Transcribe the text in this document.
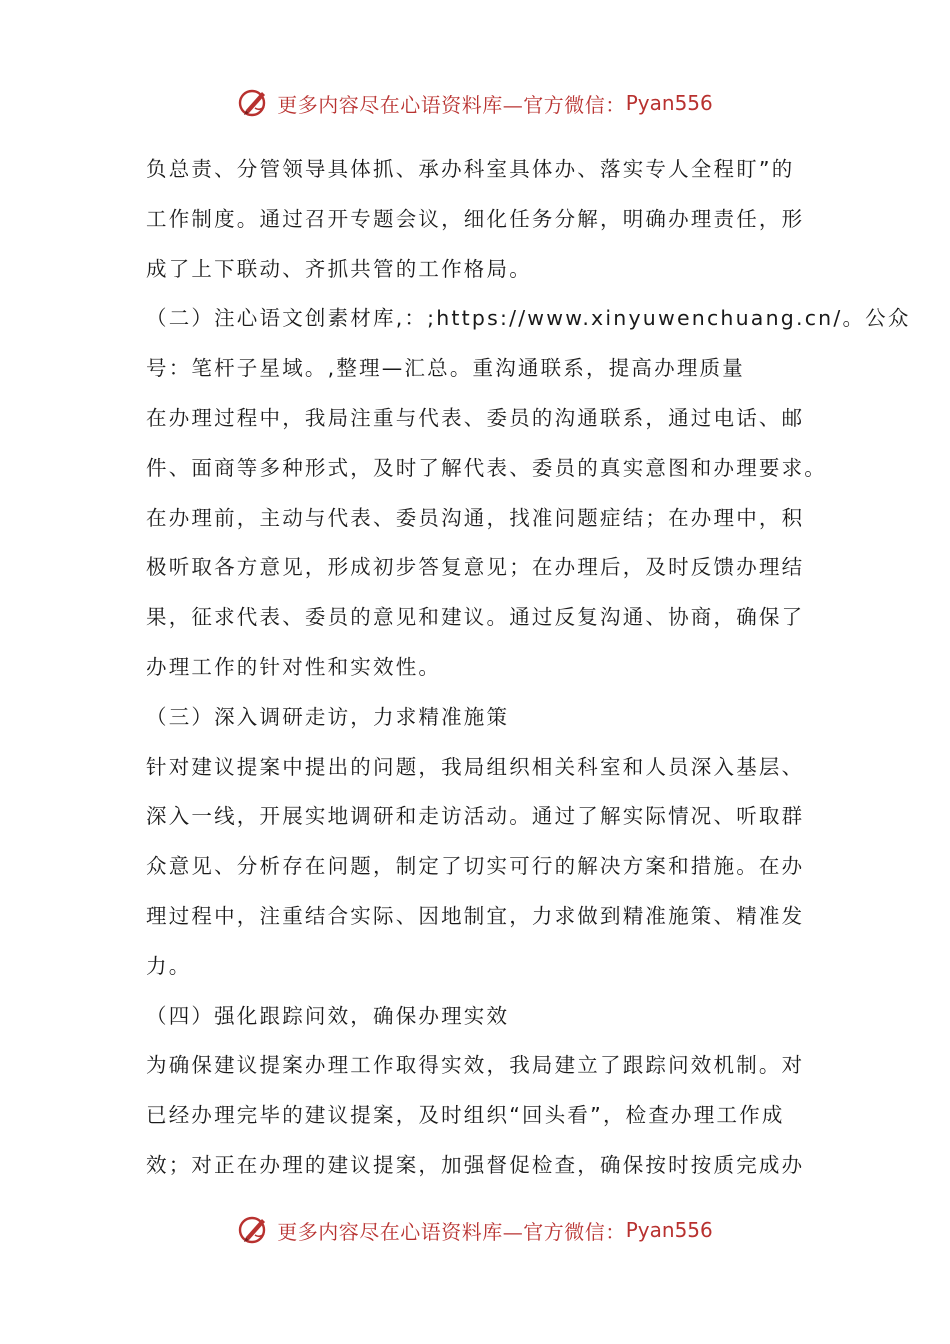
更多内容尽在心语资料库—官方微信： Pyan556
负总责、分管领导具体抓、承办科室具体办、落实专人全程盯”的
工作制度。通过召开专题会议，细化任务分解，明确办理责任，形
成了上下联动、齐抓共管的工作格局。
（二）注心语文创素材库,：;https://www.xinyuwenchuang.cn/。公众
号：笔杆子星域。,整理—汇总。重沟通联系，提高办理质量
在办理过程中，我局注重与代表、委员的沟通联系，通过电话、邮
件、面商等多种形式，及时了解代表、委员的真实意图和办理要求。
在办理前，主动与代表、委员沟通，找准问题症结；在办理中，积
极听取各方意见，形成初步答复意见；在办理后，及时反馈办理结
果，征求代表、委员的意见和建议。通过反复沟通、协商，确保了
办理工作的针对性和实效性。
（三）深入调研走访，力求精准施策
针对建议提案中提出的问题，我局组织相关科室和人员深入基层、
深入一线，开展实地调研和走访活动。通过了解实际情况、听取群
众意见、分析存在问题，制定了切实可行的解决方案和措施。在办
理过程中，注重结合实际、因地制宜，力求做到精准施策、精准发
力。
（四）强化跟踪问效，确保办理实效
为确保建议提案办理工作取得实效，我局建立了跟踪问效机制。对
已经办理完毕的建议提案，及时组织“回头看”，检查办理工作成
效；对正在办理的建议提案，加强督促检查，确保按时按质完成办
更多内容尽在心语资料库—官方微信： Pyan556
